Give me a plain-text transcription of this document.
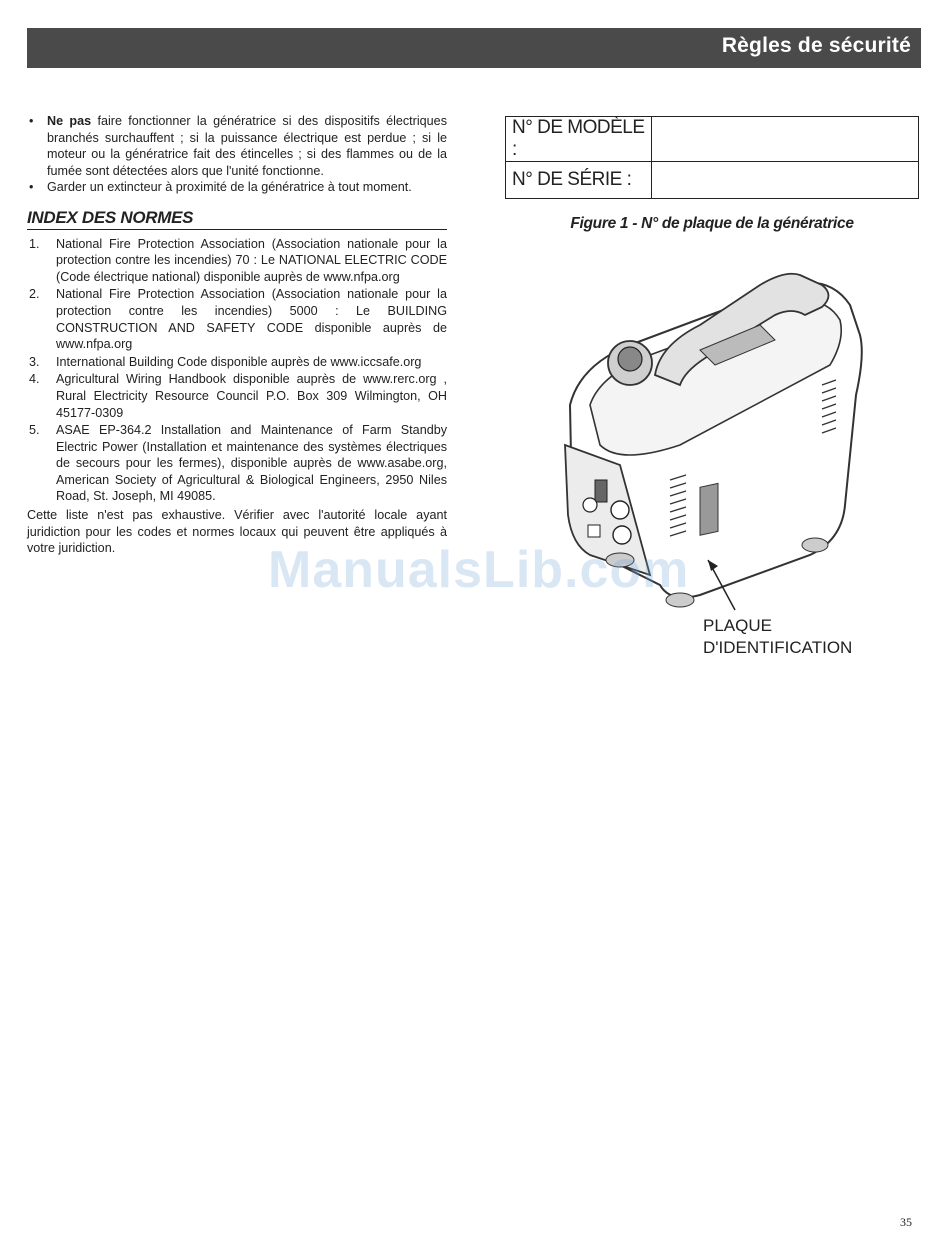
Règles de sécurité
• Ne pas faire fonctionner la génératrice si des dispositifs électriques branchés surchauffent ; si la puissance électrique est perdue ; si le moteur ou la génératrice fait des étincelles ; si des flammes ou de la fumée sont détectées alors que l'unité fonctionne.
• Garder un extincteur à proximité de la génératrice à tout moment.
INDEX DES NORMES
1. National Fire Protection Association (Association nationale pour la protection contre les incendies) 70 : Le NATIONAL ELECTRIC CODE (Code électrique national) disponible auprès de www.nfpa.org
2. National Fire Protection Association (Association nationale pour la protection contre les incendies) 5000 : Le BUILDING CONSTRUCTION AND SAFETY CODE disponible auprès de www.nfpa.org
3. International Building Code disponible auprès de www.iccsafe.org
4. Agricultural Wiring Handbook disponible auprès de www.rerc.org , Rural Electricity Resource Council P.O. Box 309 Wilmington, OH 45177-0309
5. ASAE EP-364.2 Installation and Maintenance of Farm Standby Electric Power (Installation et maintenance des systèmes électriques de secours pour les fermes), disponible auprès de www.asabe.org, American Society of Agricultural & Biological Engineers, 2950 Niles Road, St. Joseph, MI 49085.
Cette liste n'est pas exhaustive. Vérifier avec l'autorité locale ayant juridiction pour les codes et normes locaux qui peuvent être appliqués à votre juridiction.
N° DE MODÈLE :	
N° DE SÉRIE :	
Figure 1 - N° de plaque de la génératrice
PLAQUE
D'IDENTIFICATION
ManualsLib.com
35
